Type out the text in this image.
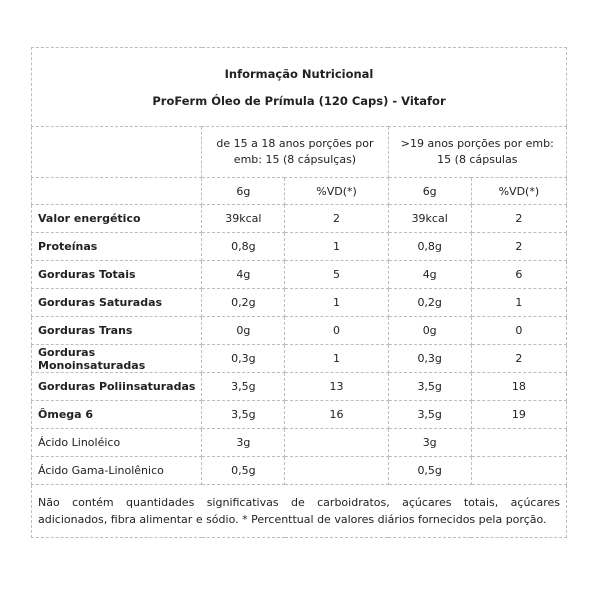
Informação Nutricional
ProFerm Óleo de Prímula (120 Caps) - Vitafor				

	de 15 a 18 anos porções por emb: 15 (8 cápsulças)		>19 anos porções por emb: 15 (8 cápsulas	
	6g	%VD(*)	6g	%VD(*)
Valor energético	39kcal	2	39kcal	2
Proteínas	0,8g	1	0,8g	2
Gorduras Totais	4g	5	4g	6
Gorduras Saturadas	0,2g	1	0,2g	1
Gorduras Trans	0g	0	0g	0
Gorduras Monoinsaturadas	0,3g	1	0,3g	2
Gorduras Poliinsaturadas	3,5g	13	3,5g	18
Ômega 6	3,5g	16	3,5g	19
Ácido Linoléico	3g		3g	
Ácido Gama-Linolênico	0,5g		0,5g	
Não contém quantidades significativas de carboidratos, açúcares totais, açúcares adicionados, fibra alimentar e sódio. * Percenttual de valores diários fornecidos pela porção.				
